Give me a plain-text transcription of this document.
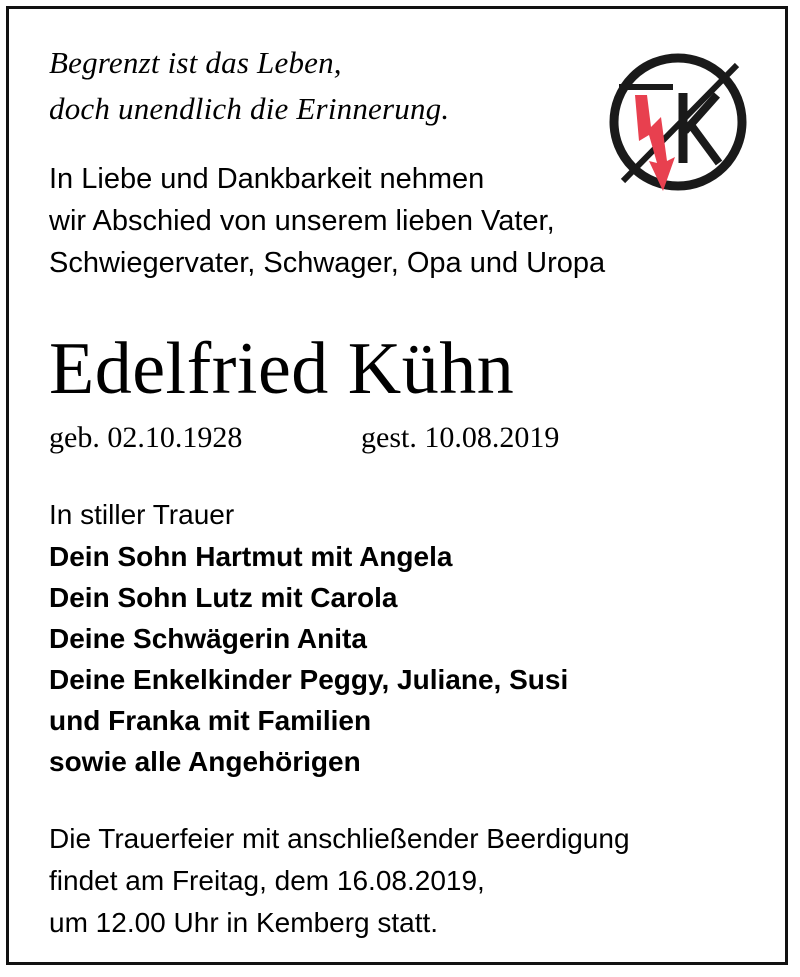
Begrenzt ist das Leben,
doch unendlich die Erinnerung.
In Liebe und Dankbarkeit nehmen
wir Abschied von unserem lieben Vater,
Schwiegervater, Schwager, Opa und Uropa
Edelfried Kühn
geb. 02.10.1928	gest. 10.08.2019
In stiller Trauer
Dein Sohn Hartmut mit Angela
Dein Sohn Lutz mit Carola
Deine Schwägerin Anita
Deine Enkelkinder Peggy, Juliane, Susi
und Franka mit Familien
sowie alle Angehörigen
Die Trauerfeier mit anschließender Beerdigung
findet am Freitag, dem 16.08.2019,
um 12.00 Uhr in Kemberg statt.
